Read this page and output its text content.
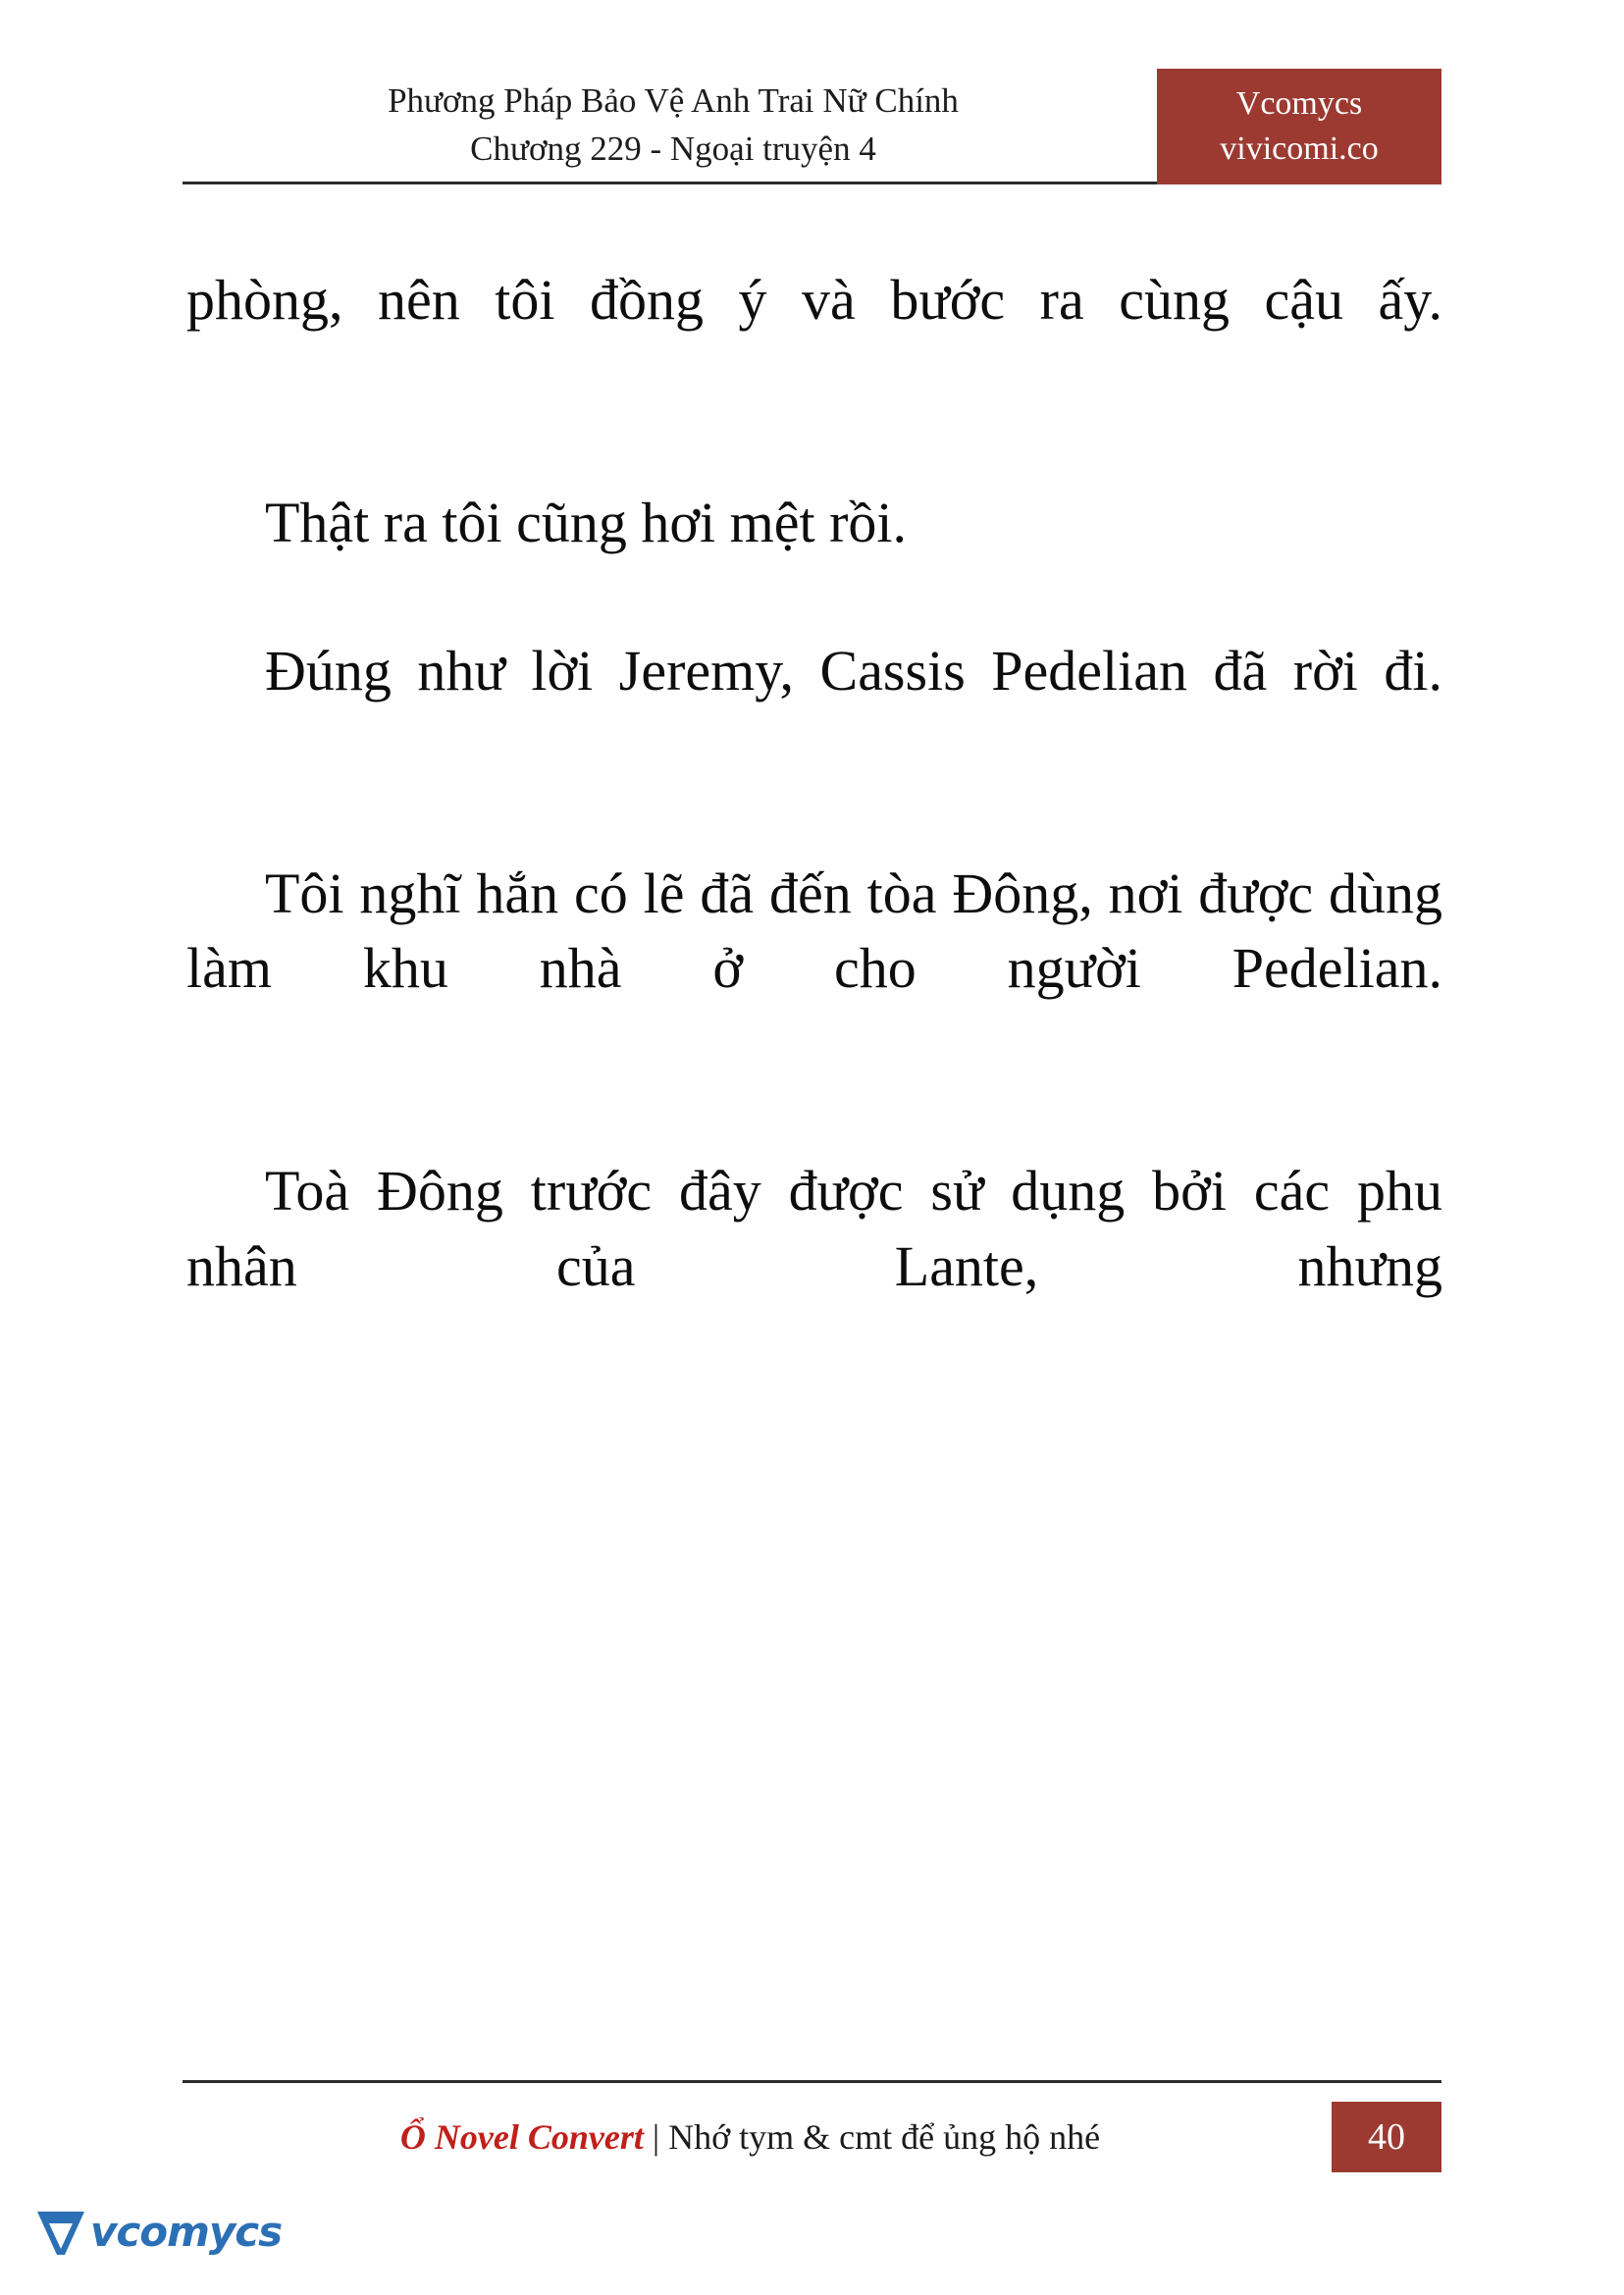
Phương Pháp Bảo Vệ Anh Trai Nữ Chính
Chương 229 - Ngoại truyện 4
Vcomycs
vivicomi.co

phòng, nên tôi đồng ý và bước ra cùng cậu ấy.

Thật ra tôi cũng hơi mệt rồi.

Đúng như lời Jeremy, Cassis Pedelian đã rời đi.

Tôi nghĩ hắn có lẽ đã đến tòa Đông, nơi được dùng làm khu nhà ở cho người Pedelian.

Toà Đông trước đây được sử dụng bởi các phu nhân của Lante, nhưng

Ổ Novel Convert | Nhớ tym & cmt để ủng hộ nhé	40
vcomycs
